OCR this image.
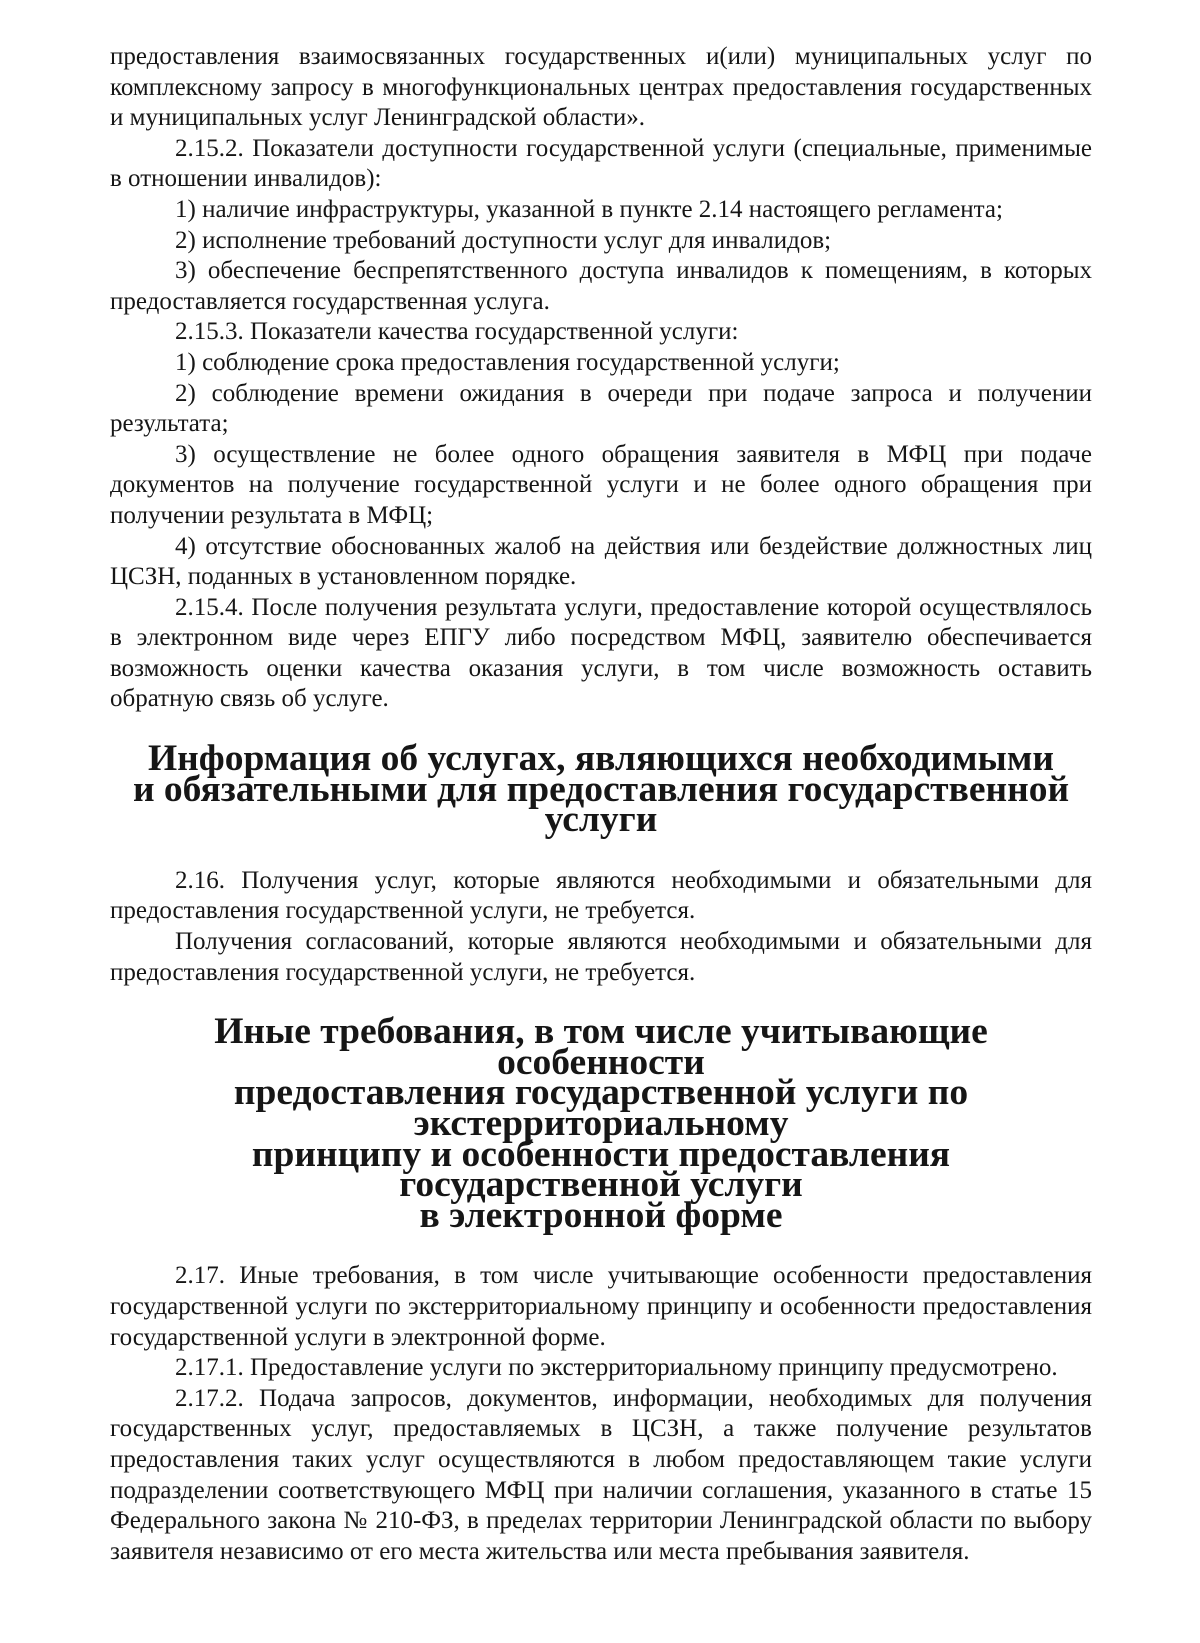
предоставления взаимосвязанных государственных и(или) муниципальных услуг по комплексному запросу в многофункциональных центрах предоставления государственных и муниципальных услуг Ленинградской области».

2.15.2. Показатели доступности государственной услуги (специальные, применимые в отношении инвалидов):

1) наличие инфраструктуры, указанной в пункте 2.14 настоящего регламента;

2) исполнение требований доступности услуг для инвалидов;

3) обеспечение беспрепятственного доступа инвалидов к помещениям, в которых предоставляется государственная услуга.

2.15.3. Показатели качества государственной услуги:

1) соблюдение срока предоставления государственной услуги;

2) соблюдение времени ожидания в очереди при подаче запроса и получении результата;

3) осуществление не более одного обращения заявителя в МФЦ при подаче документов на получение государственной услуги и не более одного обращения при получении результата в МФЦ;

4) отсутствие обоснованных жалоб на действия или бездействие должностных лиц ЦСЗН, поданных в установленном порядке.

2.15.4. После получения результата услуги, предоставление которой осуществлялось в электронном виде через ЕПГУ либо посредством МФЦ, заявителю обеспечивается возможность оценки качества оказания услуги, в том числе возможность оставить обратную связь об услуге.

Информация об услугах, являющихся необходимыми
и обязательными для предоставления государственной услуги

2.16. Получения услуг, которые являются необходимыми и обязательными для предоставления государственной услуги, не требуется.

Получения согласований, которые являются необходимыми и обязательными для предоставления государственной услуги, не требуется.

Иные требования, в том числе учитывающие особенности
предоставления государственной услуги по экстерриториальному
принципу и особенности предоставления государственной услуги
в электронной форме

2.17. Иные требования, в том числе учитывающие особенности предоставления государственной услуги по экстерриториальному принципу и особенности предоставления государственной услуги в электронной форме.

2.17.1. Предоставление услуги по экстерриториальному принципу предусмотрено.

2.17.2. Подача запросов, документов, информации, необходимых для получения государственных услуг, предоставляемых в ЦСЗН, а также получение результатов предоставления таких услуг осуществляются в любом предоставляющем такие услуги подразделении соответствующего МФЦ при наличии соглашения, указанного в статье 15 Федерального закона № 210-ФЗ, в пределах территории Ленинградской области по выбору заявителя независимо от его места жительства или места пребывания заявителя.
